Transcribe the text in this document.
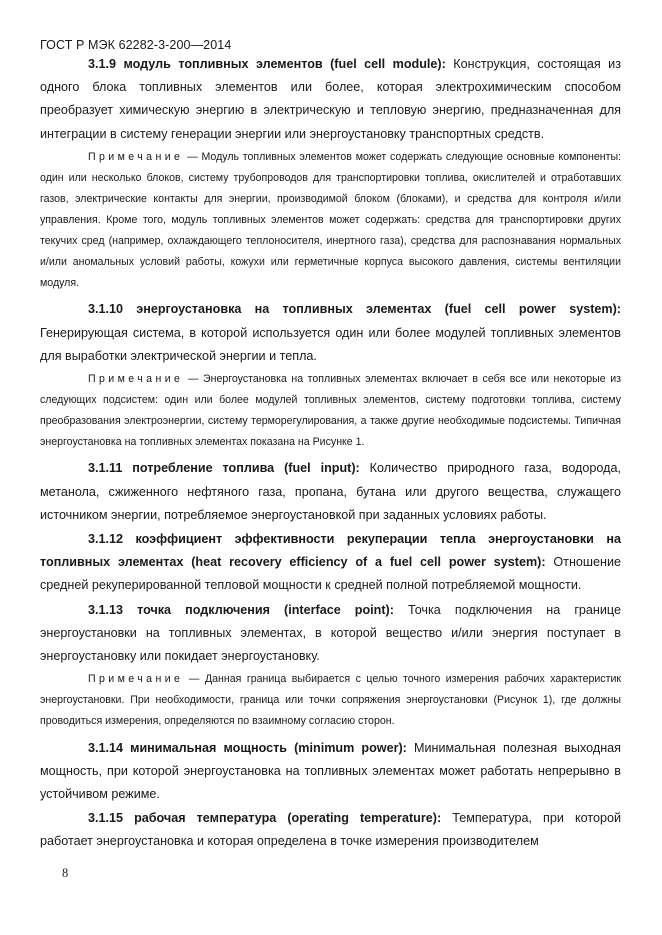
ГОСТ Р МЭК 62282-3-200—2014

3.1.9 модуль топливных элементов (fuel cell module): Конструкция, состоящая из одного блока топливных элементов или более, которая электрохимическим способом преобразует химическую энергию в электрическую и тепловую энергию, предназначенная для интеграции в систему генерации энергии или энергоустановку транспортных средств.

Примечание — Модуль топливных элементов может содержать следующие основные компоненты: один или несколько блоков, систему трубопроводов для транспортировки топлива, окислителей и отработавших газов, электрические контакты для энергии, производимой блоком (блоками), и средства для контроля и/или управления. Кроме того, модуль топливных элементов может содержать: средства для транспортировки других текучих сред (например, охлаждающего теплоносителя, инертного газа), средства для распознавания нормальных и/или аномальных условий работы, кожухи или герметичные корпуса высокого давления, системы вентиляции модуля.

3.1.10 энергоустановка на топливных элементах (fuel cell power system): Генерирующая система, в которой используется один или более модулей топливных элементов для выработки электрической энергии и тепла.

Примечание — Энергоустановка на топливных элементах включает в себя все или некоторые из следующих подсистем: один или более модулей топливных элементов, систему подготовки топлива, систему преобразования электроэнергии, систему терморегулирования, а также другие необходимые подсистемы. Типичная энергоустановка на топливных элементах показана на Рисунке 1.

3.1.11 потребление топлива (fuel input): Количество природного газа, водорода, метанола, сжиженного нефтяного газа, пропана, бутана или другого вещества, служащего источником энергии, потребляемое энергоустановкой при заданных условиях работы.

3.1.12 коэффициент эффективности рекуперации тепла энергоустановки на топливных элементах (heat recovery efficiency of a fuel cell power system): Отношение средней рекуперированной тепловой мощности к средней полной потребляемой мощности.

3.1.13 точка подключения (interface point): Точка подключения на границе энергоустановки на топливных элементах, в которой вещество и/или энергия поступает в энергоустановку или покидает энергоустановку.

Примечание — Данная граница выбирается с целью точного измерения рабочих характеристик энергоустановки. При необходимости, граница или точки сопряжения энергоустановки (Рисунок 1), где должны проводиться измерения, определяются по взаимному согласию сторон.

3.1.14 минимальная мощность (minimum power): Минимальная полезная выходная мощность, при которой энергоустановка на топливных элементах может работать непрерывно в устойчивом режиме.

3.1.15 рабочая температура (operating temperature): Температура, при которой работает энергоустановка и которая определена в точке измерения производителем

8
